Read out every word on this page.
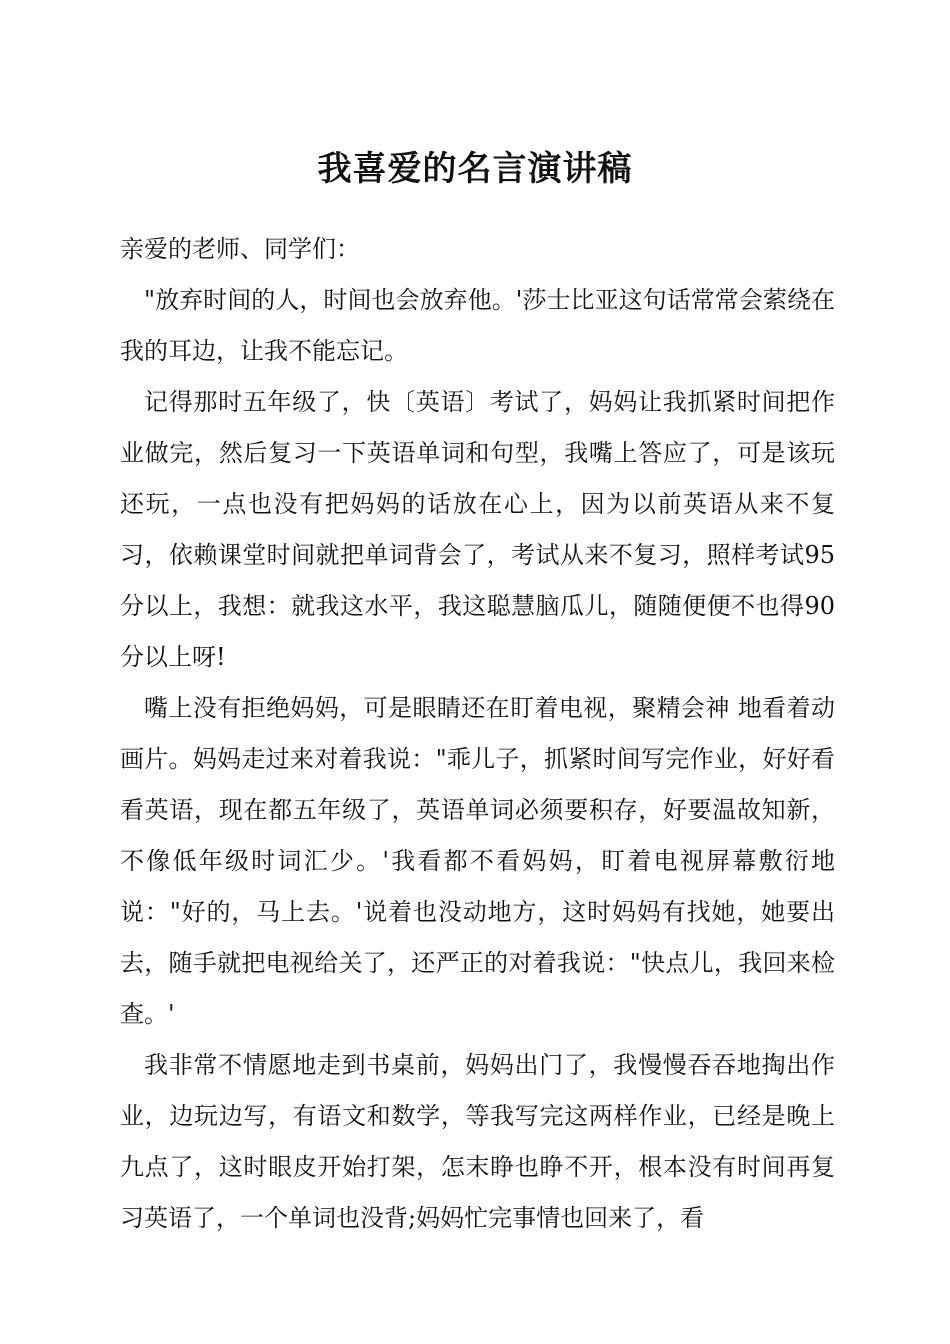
我喜爱的名言演讲稿

亲爱的老师、同学们：

"放弃时间的人，时间也会放弃他。'莎士比亚这句话常常会萦绕在我的耳边，让我不能忘记。

记得那时五年级了，快〔英语〕考试了，妈妈让我抓紧时间把作业做完，然后复习一下英语单词和句型，我嘴上答应了，可是该玩还玩，一点也没有把妈妈的话放在心上，因为以前英语从来不复习，依赖课堂时间就把单词背会了，考试从来不复习，照样考试95分以上，我想：就我这水平，我这聪慧脑瓜儿，随随便便不也得90分以上呀!

嘴上没有拒绝妈妈，可是眼睛还在盯着电视，聚精会神 地看着动画片。妈妈走过来对着我说："乖儿子，抓紧时间写完作业，好好看看英语，现在都五年级了，英语单词必须要积存，好要温故知新，不像低年级时词汇少。'我看都不看妈妈，盯着电视屏幕敷衍地说："好的，马上去。'说着也没动地方，这时妈妈有找她，她要出去，随手就把电视给关了，还严正的对着我说："快点儿，我回来检查。'

我非常不情愿地走到书桌前，妈妈出门了，我慢慢吞吞地掏出作业，边玩边写，有语文和数学，等我写完这两样作业，已经是晚上九点了，这时眼皮开始打架，怎末睁也睁不开，根本没有时间再复习英语了，一个单词也没背;妈妈忙完事情也回来了，看
